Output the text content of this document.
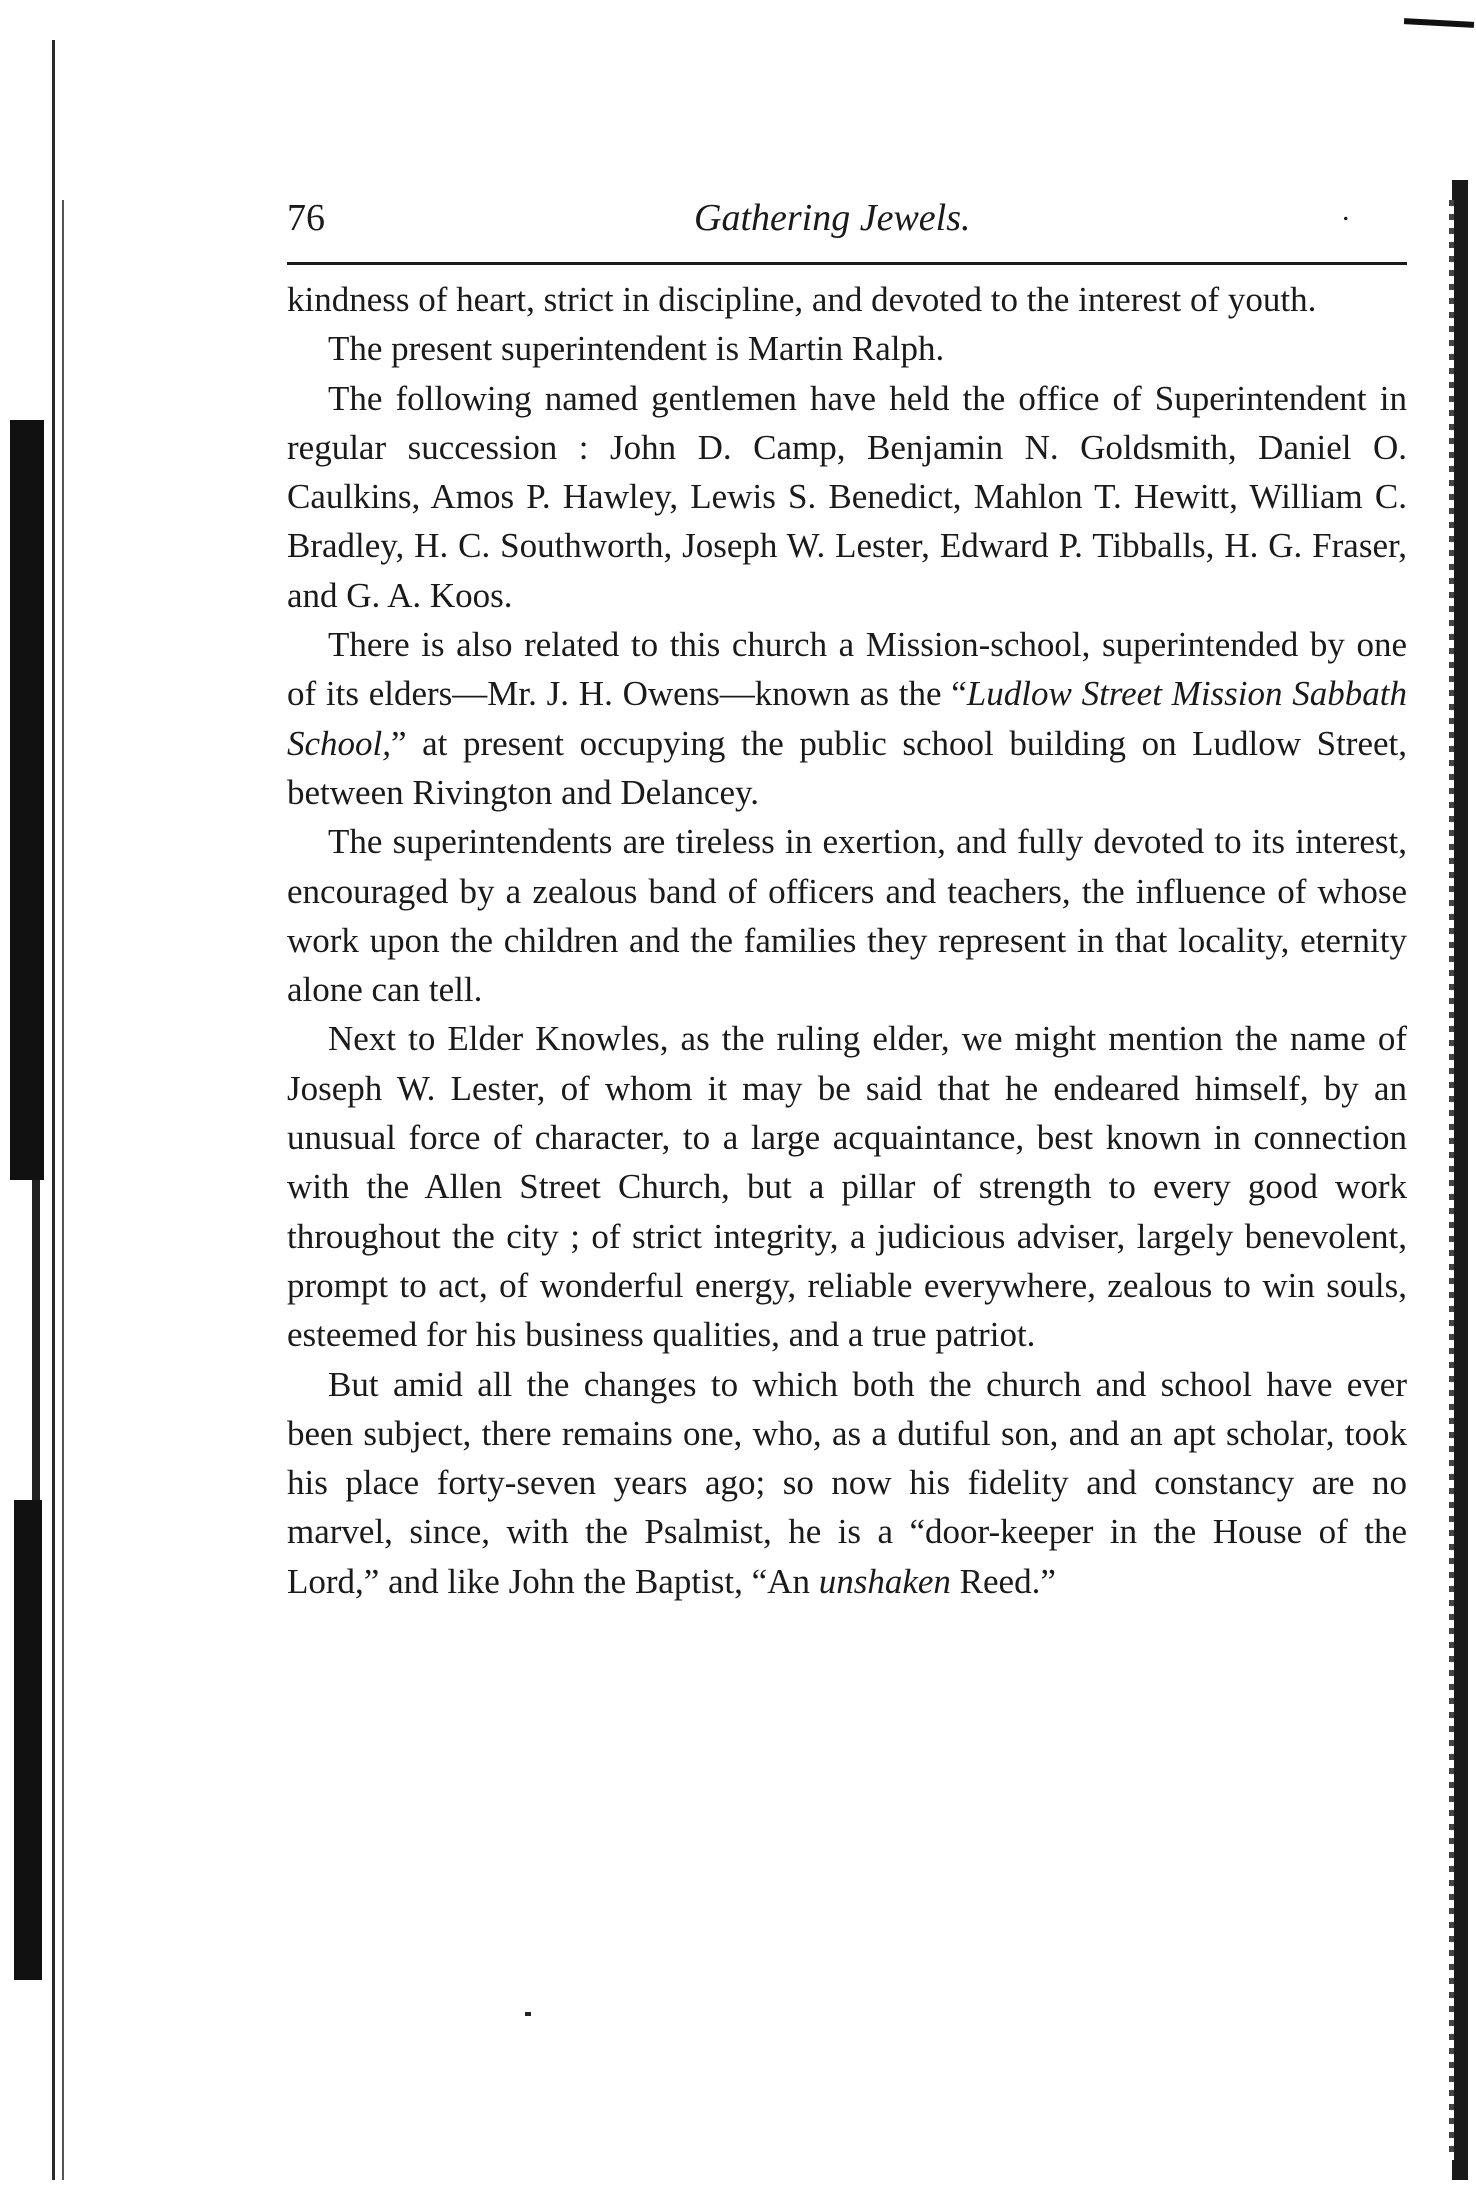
76	Gathering Jewels.	.

kindness of heart, strict in discipline, and devoted to the interest of youth.

The present superintendent is Martin Ralph.

The following named gentlemen have held the office of Superintendent in regular succession : John D. Camp, Benjamin N. Goldsmith, Daniel O. Caulkins, Amos P. Hawley, Lewis S. Benedict, Mahlon T. Hewitt, William C. Bradley, H. C. Southworth, Joseph W. Lester, Edward P. Tibballs, H. G. Fraser, and G. A. Koos.

There is also related to this church a Mission-school, superintended by one of its elders—Mr. J. H. Owens—known as the “Ludlow Street Mission Sabbath School,” at present occupying the public school building on Ludlow Street, between Rivington and Delancey.

The superintendents are tireless in exertion, and fully devoted to its interest, encouraged by a zealous band of officers and teachers, the influence of whose work upon the children and the families they represent in that locality, eternity alone can tell.

Next to Elder Knowles, as the ruling elder, we might mention the name of Joseph W. Lester, of whom it may be said that he endeared himself, by an unusual force of character, to a large acquaintance, best known in connection with the Allen Street Church, but a pillar of strength to every good work throughout the city ; of strict integrity, a judicious adviser, largely benevolent, prompt to act, of wonderful energy, reliable everywhere, zealous to win souls, esteemed for his business qualities, and a true patriot.

But amid all the changes to which both the church and school have ever been subject, there remains one, who, as a dutiful son, and an apt scholar, took his place forty-seven years ago; so now his fidelity and constancy are no marvel, since, with the Psalmist, he is a “door-keeper in the House of the Lord,” and like John the Baptist, “An unshaken Reed.”
